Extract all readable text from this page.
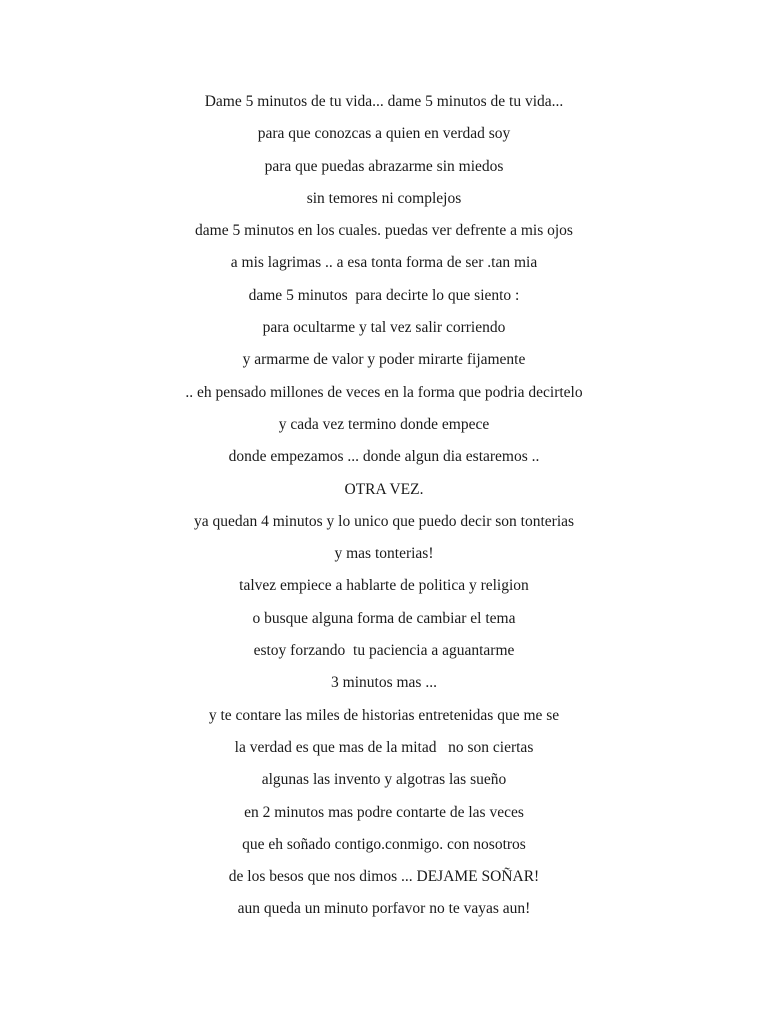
Dame 5 minutos de tu vida... dame 5 minutos de tu vida...
para que conozcas a quien en verdad soy
para que puedas abrazarme sin miedos
sin temores ni complejos
dame 5 minutos en los cuales. puedas ver defrente a mis ojos
a mis lagrimas .. a esa tonta forma de ser .tan mia
dame 5 minutos  para decirte lo que siento :
para ocultarme y tal vez salir corriendo
y armarme de valor y poder mirarte fijamente
.. eh pensado millones de veces en la forma que podria decirtelo
y cada vez termino donde empece
donde empezamos ... donde algun dia estaremos ..
OTRA VEZ.
ya quedan 4 minutos y lo unico que puedo decir son tonterias
y mas tonterias!
talvez empiece a hablarte de politica y religion
o busque alguna forma de cambiar el tema
estoy forzando  tu paciencia a aguantarme
3 minutos mas ...
y te contare las miles de historias entretenidas que me se
la verdad es que mas de la mitad   no son ciertas
algunas las invento y algotras las sueño
en 2 minutos mas podre contarte de las veces
que eh soñado contigo.conmigo. con nosotros
de los besos que nos dimos ... DEJAME SOÑAR!
aun queda un minuto porfavor no te vayas aun!
